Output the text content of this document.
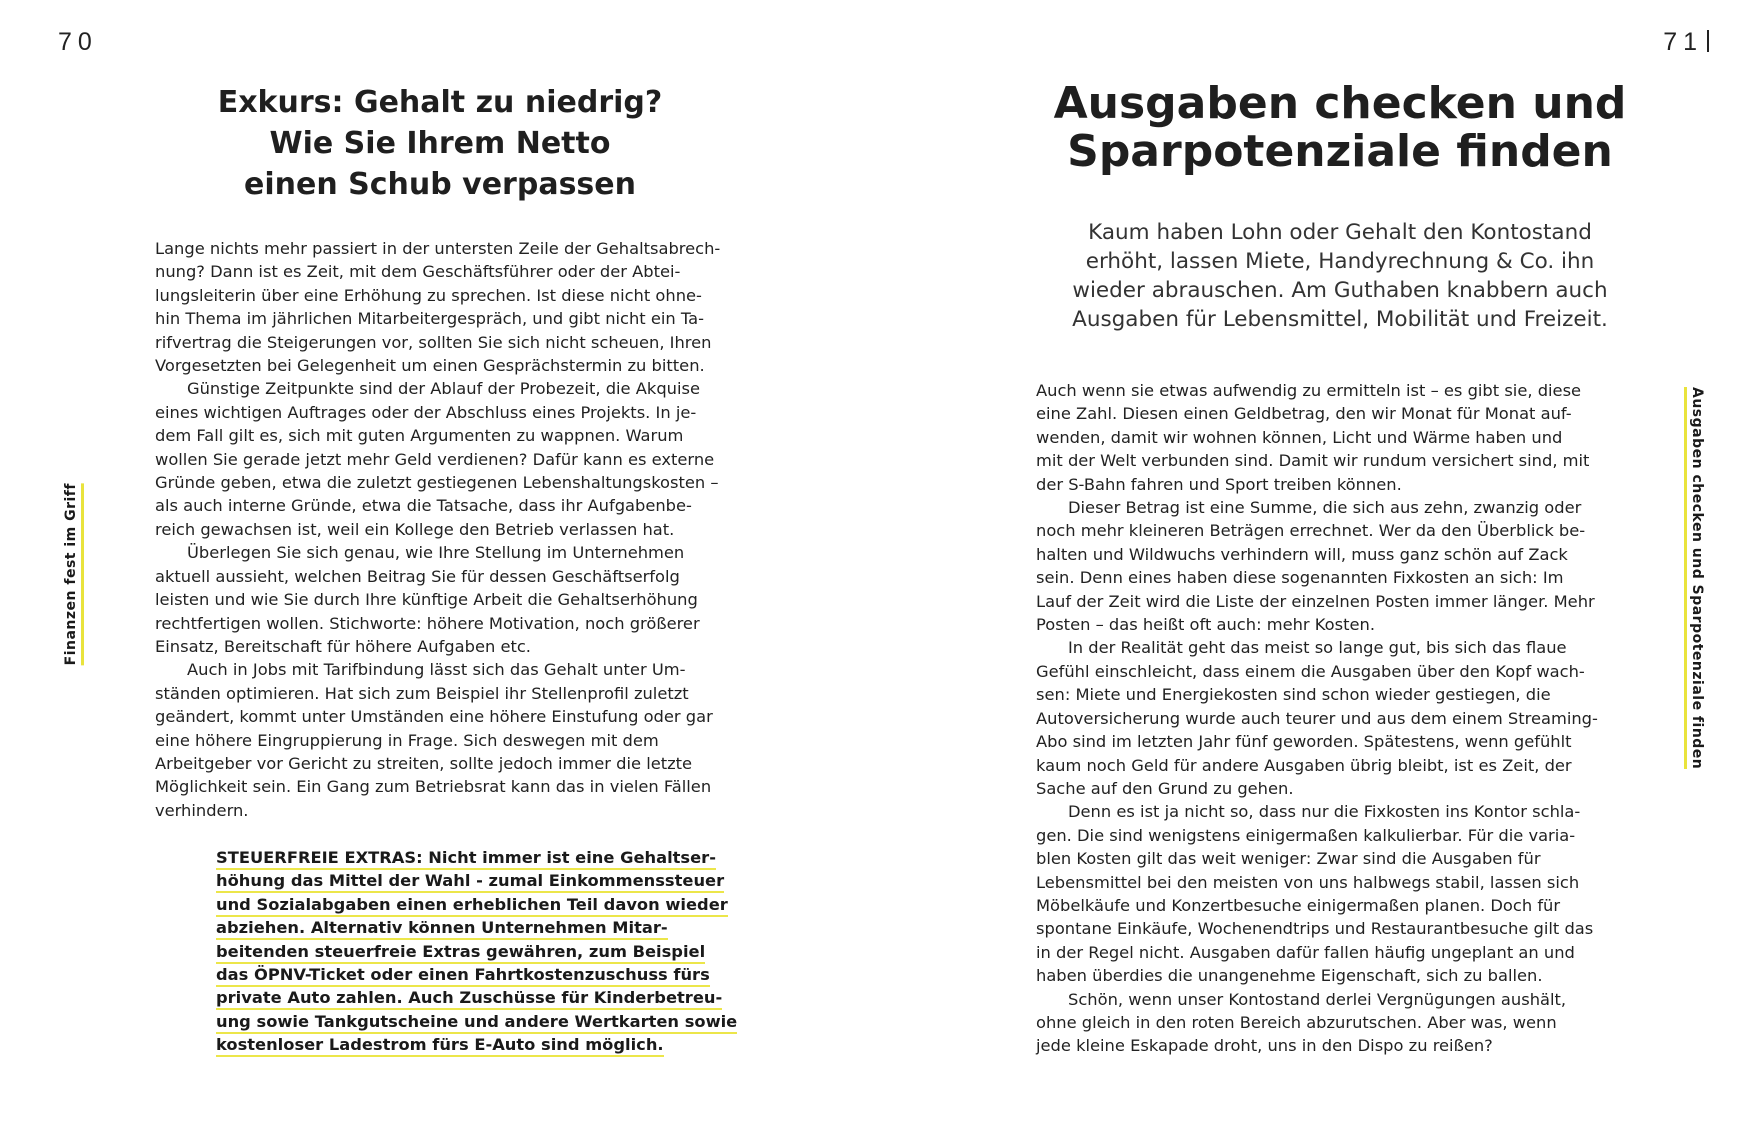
70
Finanzen fest im Griff
Exkurs: Gehalt zu niedrig?
Wie Sie Ihrem Netto
einen Schub verpassen
Lange nichts mehr passiert in der untersten Zeile der Gehaltsabrech-
nung? Dann ist es Zeit, mit dem Geschäftsführer oder der Abtei-
lungsleiterin über eine Erhöhung zu sprechen. Ist diese nicht ohne-
hin Thema im jährlichen Mitarbeitergespräch, und gibt nicht ein Ta-
rifvertrag die Steigerungen vor, sollten Sie sich nicht scheuen, Ihren
Vorgesetzten bei Gelegenheit um einen Gesprächstermin zu bitten.
Günstige Zeitpunkte sind der Ablauf der Probezeit, die Akquise
eines wichtigen Auftrages oder der Abschluss eines Projekts. In je-
dem Fall gilt es, sich mit guten Argumenten zu wappnen. Warum
wollen Sie gerade jetzt mehr Geld verdienen? Dafür kann es externe
Gründe geben, etwa die zuletzt gestiegenen Lebenshaltungskosten –
als auch interne Gründe, etwa die Tatsache, dass ihr Aufgabenbe-
reich gewachsen ist, weil ein Kollege den Betrieb verlassen hat.
Überlegen Sie sich genau, wie Ihre Stellung im Unternehmen
aktuell aussieht, welchen Beitrag Sie für dessen Geschäftserfolg
leisten und wie Sie durch Ihre künftige Arbeit die Gehaltserhöhung
rechtfertigen wollen. Stichworte: höhere Motivation, noch größerer
Einsatz, Bereitschaft für höhere Aufgaben etc.
Auch in Jobs mit Tarifbindung lässt sich das Gehalt unter Um-
ständen optimieren. Hat sich zum Beispiel ihr Stellenprofil zuletzt
geändert, kommt unter Umständen eine höhere Einstufung oder gar
eine höhere Eingruppierung in Frage. Sich deswegen mit dem
Arbeitgeber vor Gericht zu streiten, sollte jedoch immer die letzte
Möglichkeit sein. Ein Gang zum Betriebsrat kann das in vielen Fällen
verhindern.
STEUERFREIE EXTRAS: Nicht immer ist eine Gehaltser-
höhung das Mittel der Wahl - zumal Einkommenssteuer
und Sozialabgaben einen erheblichen Teil davon wieder
abziehen. Alternativ können Unternehmen Mitar-
beitenden steuerfreie Extras gewähren, zum Beispiel
das ÖPNV-Ticket oder einen Fahrtkostenzuschuss fürs
private Auto zahlen. Auch Zuschüsse für Kinderbetreu-
ung sowie Tankgutscheine und andere Wertkarten sowie
kostenloser Ladestrom fürs E-Auto sind möglich.
71
Ausgaben checken und Sparpotenziale finden
Ausgaben checken und
Sparpotenziale finden

Kaum haben Lohn oder Gehalt den Kontostand
erhöht, lassen Miete, Handyrechnung & Co. ihn
wieder abrauschen. Am Guthaben knabbern auch
Ausgaben für Lebensmittel, Mobilität und Freizeit.

Auch wenn sie etwas aufwendig zu ermitteln ist – es gibt sie, diese
eine Zahl. Diesen einen Geldbetrag, den wir Monat für Monat auf-
wenden, damit wir wohnen können, Licht und Wärme haben und
mit der Welt verbunden sind. Damit wir rundum versichert sind, mit
der S-Bahn fahren und Sport treiben können.
Dieser Betrag ist eine Summe, die sich aus zehn, zwanzig oder
noch mehr kleineren Beträgen errechnet. Wer da den Überblick be-
halten und Wildwuchs verhindern will, muss ganz schön auf Zack
sein. Denn eines haben diese sogenannten Fixkosten an sich: Im
Lauf der Zeit wird die Liste der einzelnen Posten immer länger. Mehr
Posten – das heißt oft auch: mehr Kosten.
In der Realität geht das meist so lange gut, bis sich das flaue
Gefühl einschleicht, dass einem die Ausgaben über den Kopf wach-
sen: Miete und Energiekosten sind schon wieder gestiegen, die
Autoversicherung wurde auch teurer und aus dem einem Streaming-
Abo sind im letzten Jahr fünf geworden. Spätestens, wenn gefühlt
kaum noch Geld für andere Ausgaben übrig bleibt, ist es Zeit, der
Sache auf den Grund zu gehen.
Denn es ist ja nicht so, dass nur die Fixkosten ins Kontor schla-
gen. Die sind wenigstens einigermaßen kalkulierbar. Für die varia-
blen Kosten gilt das weit weniger: Zwar sind die Ausgaben für
Lebensmittel bei den meisten von uns halbwegs stabil, lassen sich
Möbelkäufe und Konzertbesuche einigermaßen planen. Doch für
spontane Einkäufe, Wochenendtrips und Restaurantbesuche gilt das
in der Regel nicht. Ausgaben dafür fallen häufig ungeplant an und
haben überdies die unangenehme Eigenschaft, sich zu ballen.
Schön, wenn unser Kontostand derlei Vergnügungen aushält,
ohne gleich in den roten Bereich abzurutschen. Aber was, wenn
jede kleine Eskapade droht, uns in den Dispo zu reißen?
